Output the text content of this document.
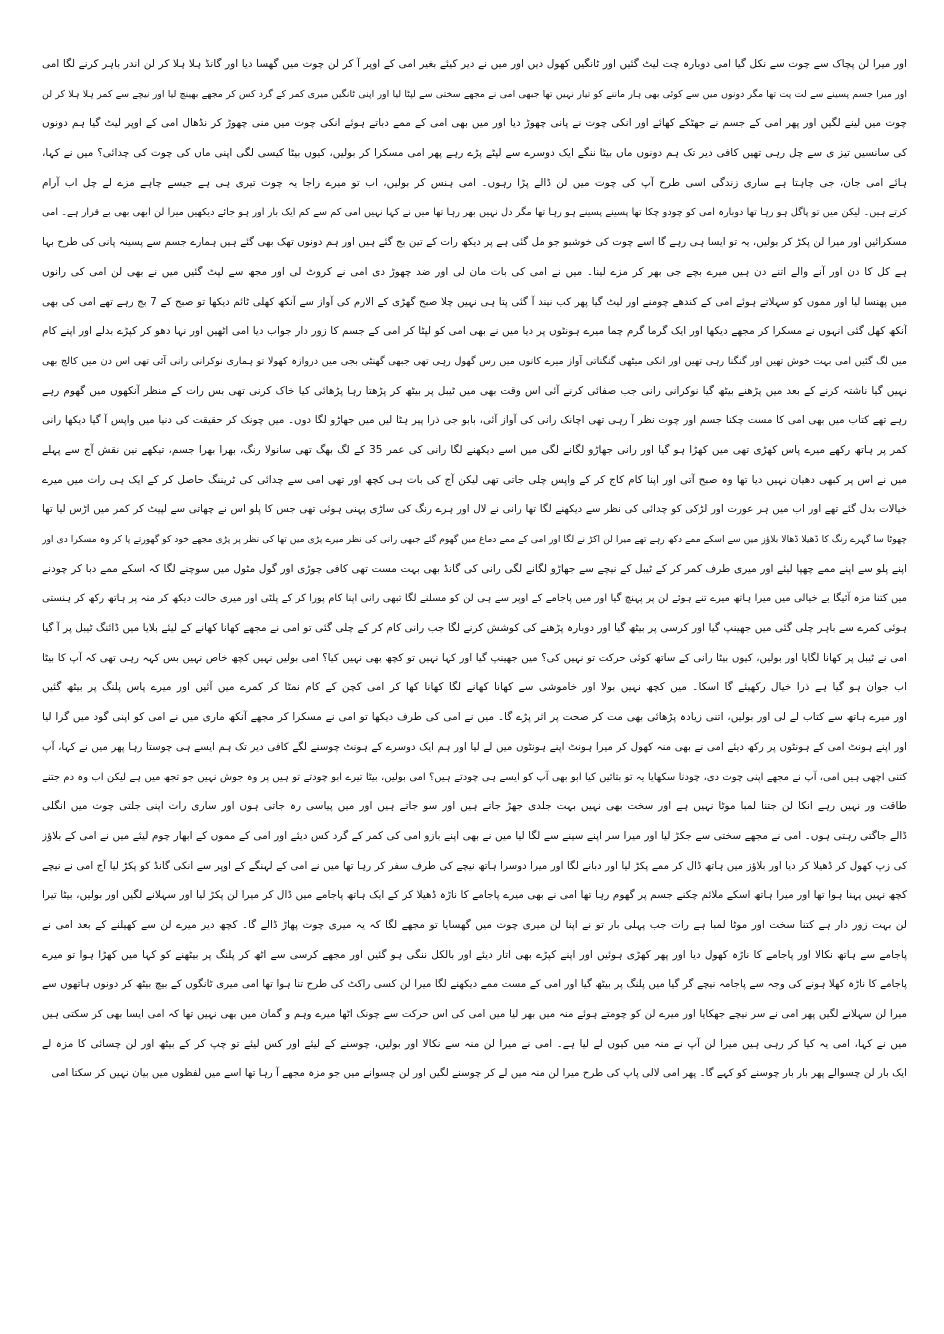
اور میرا لن پچاک سے چوت سے نکل گیا امی دوبارہ چت لیٹ گئیں اور ٹانگیں کھول دیں اور میں نے دیر کیئے بغیر امی کے اوپر آ کر لن چوت میں گھسا دیا اور گانڈ ہلا ہلا کر لن اندر باہر کرنے لگا امی
اور میرا جسم پسینے سے لت پت تھا مگر دونوں میں سے کوئی بھی ہار ماننے کو تیار نہیں تھا جبھی امی نے مجھے سختی سے لپٹا لیا اور اپنی ٹانگیں میری کمر کے گرد کس کر مجھے بھینچ لیا اور نیچے سے کمر ہلا ہلا کر لن
چوت میں لینے لگیں اور پھر امی کے جسم نے جھٹکے کھائے اور انکی چوت نے پانی چھوڑ دیا اور میں بھی امی کے ممے دباتے ہوئے انکی چوت میں منی چھوڑ کر نڈھال امی کے اوپر لیٹ گیا ہم دونوں
کی سانسیں تیز ی سے چل رہی تھیں کافی دیر تک ہم دونوں ماں بیٹا ننگے ایک دوسرے سے لپٹے پڑے رہے پھر امی مسکرا کر بولیں، کیوں بیٹا کیسی لگی اپنی ماں کی چوت کی چدائی؟ میں نے کہا،
ہائے امی جان، جی چاہتا ہے ساری زندگی اسی طرح آپ کی چوت میں لن ڈالے پڑا رہوں۔ امی ہنس کر بولیں، اب تو میرے راجا یہ چوت تیری ہی ہے جیسے چاہے مزے لے چل اب آرام
کرتے ہیں۔ لیکن میں تو پاگل ہو رہا تھا دوبارہ امی کو چودو چکا تھا پسینے پسینے ہو رہا تھا مگر دل نہیں بھر رہا تھا میں نے کہا نہیں امی کم سے کم ایک بار اور ہو جائے دیکھیں میرا لن ابھی بھی بے قرار ہے۔ امی
مسکرائیں اور میرا لن پکڑ کر بولیں، یہ تو ایسا ہی رہے گا اسے چوت کی خوشبو جو مل گئی ہے پر دیکھ رات کے تین بج گئے ہیں اور ہم دونوں تھک بھی گئے ہیں ہمارے جسم سے پسینہ پانی کی طرح بہا
ہے کل کا دن اور آنے والے اتنے دن ہیں میرے بچے جی بھر کر مزے لینا۔ میں نے امی کی بات مان لی اور ضد چھوڑ دی امی نے کروٹ لی اور مجھ سے لپٹ گئیں میں نے بھی لن امی کی رانوں
میں پھنسا لیا اور مموں کو سہلاتے ہوئے امی کے کندھے چومنے اور لیٹ گیا پھر کب نیند آ گئی پتا ہی نہیں چلا صبح گھڑی کے الارم کی آواز سے آنکھ کھلی ٹائم دیکھا تو صبح کے 7 بج رہے تھے امی کی بھی
آنکھ کھل گئی انہوں نے مسکرا کر مجھے دیکھا اور ایک گرما گرم چما میرے ہونٹوں پر دیا میں نے بھی امی کو لپٹا کر امی کے جسم کا زور دار جواب دیا امی اٹھیں اور نہا دھو کر کپڑے بدلے اور اپنے کام
میں لگ گئیں امی بہت خوش تھیں اور گنگنا رہی تھیں اور انکی میٹھی گنگناتی آواز میرے کانوں میں رس گھول رہی تھی جبھی گھنٹی بجی میں دروازہ کھولا تو ہماری نوکرانی رانی آئی تھی اس دن میں کالج بھی
نہیں گیا ناشتہ کرنے کے بعد میں پڑھنے بیٹھ گیا نوکرانی رانی جب صفائی کرنے آئی اس وقت بھی میں ٹیبل پر بیٹھ کر پڑھتا رہا پڑھائی کیا خاک کرنی تھی بس رات کے منظر آنکھوں میں گھوم رہے
رہے تھے کتاب میں بھی امی کا مست چکنا جسم اور چوت نظر آ رہی تھی اچانک رانی کی آواز آئی، بابو جی ذرا پیر ہٹا لیں میں جھاڑو لگا دوں۔ میں چونک کر حقیقت کی دنیا میں واپس آ گیا دیکھا رانی
کمر پر ہاتھ رکھے میرے پاس کھڑی تھی میں کھڑا ہو گیا اور رانی جھاڑو لگانے لگی میں اسے دیکھنے لگا رانی کی عمر 35 کے لگ بھگ تھی سانولا رنگ، بھرا بھرا جسم، تیکھے نین نقش آج سے پہلے
میں نے اس پر کبھی دھیان نہیں دیا تھا وہ صبح آتی اور اپنا کام کاج کر کے واپس چلی جاتی تھی لیکن آج کی بات ہی کچھ اور تھی امی سے چدائی کی ٹریننگ حاصل کر کے ایک ہی رات میں میرے
خیالات بدل گئے تھے اور اب میں ہر عورت اور لڑکی کو چدائی کی نظر سے دیکھنے لگا تھا رانی نے لال اور ہرے رنگ کی ساڑی پہنی ہوئی تھی جس کا پلو اس نے چھاتی سے لپیٹ کر کمر میں اڑس لیا تھا
چھوٹا سا گہرے رنگ کا ڈھیلا ڈھالا بلاؤز میں سے اسکے ممے دکھ رہے تھے میرا لن اکڑ نے لگا اور امی کے ممے دماغ میں گھوم گئے جبھی رانی کی نظر میرے پڑی میں تھا کی نظر پر پڑی مجھے خود کو گھورتے پا کر وہ مسکرا دی اور
اپنے پلو سے اپنے ممے چھپا لیئے اور میری طرف کمر کر کے ٹیبل کے نیچے سے جھاڑو لگانے لگی رانی کی گانڈ بھی بہت مست تھی کافی چوڑی اور گول مٹول میں سوچنے لگا کہ اسکے ممے دبا کر چودنے
میں کتنا مزہ آئیگا بے خیالی میں میرا ہاتھ میرے تنے ہوئے لن پر پہنچ گیا اور میں پاجامے کے اوپر سے ہی لن کو مسلنے لگا تبھی رانی اپنا کام پورا کر کے پلٹی اور میری حالت دیکھ کر منہ پر ہاتھ رکھ کر ہنستی
ہوئی کمرے سے باہر چلی گئی میں جھینپ گیا اور کرسی پر بیٹھ گیا اور دوبارہ پڑھنے کی کوشش کرنے لگا جب رانی کام کر کے چلی گئی تو امی نے مجھے کھانا کھانے کے لیئے بلایا میں ڈائنگ ٹیبل پر آ گیا
امی نے ٹیبل پر کھانا لگایا اور بولیں، کیوں بیٹا رانی کے ساتھ کوئی حرکت تو نہیں کی؟ میں جھینپ گیا اور کہا نہیں تو کچھ بھی نہیں کیا؟ امی بولیں نہیں کچھ خاص نہیں بس کہہ رہی تھی کہ آپ کا بیٹا
اب جوان ہو گیا ہے ذرا خیال رکھیئے گا اسکا۔ میں کچھ نہیں بولا اور خاموشی سے کھانا کھانے لگا کھانا کھا کر امی کچن کے کام نمٹا کر کمرے میں آئیں اور میرے پاس پلنگ پر بیٹھ گئیں
اور میرے ہاتھ سے کتاب لے لی اور بولیں، اتنی زیادہ پڑھائی بھی مت کر صحت پر اثر پڑے گا۔ میں نے امی کی طرف دیکھا تو امی نے مسکرا کر مجھے آنکھ ماری میں نے امی کو اپنی گود میں گرا لیا
اور اپنے ہونٹ امی کے ہونٹوں پر رکھ دیئے امی نے بھی منہ کھول کر میرا ہونٹ اپنے ہونٹوں میں لے لیا اور ہم ایک دوسرے کے ہونٹ چوسنے لگے کافی دیر تک ہم ایسے ہی چوستا رہا پھر میں نے کہا، آپ
کتنی اچھی ہیں امی، آپ نے مجھے اپنی چوت دی، چودنا سکھایا یہ تو بتائیں کیا ابو بھی آپ کو ایسے ہی چودتے ہیں؟ امی بولیں، بیٹا تیرے ابو چودتے تو ہیں پر وہ جوش نہیں جو تجھ میں ہے لیکن اب وہ دم جتنے
طاقت ور نہیں رہے انکا لن جتنا لمبا موٹا نہیں ہے اور سخت بھی نہیں بہت جلدی جھڑ جاتے ہیں اور سو جاتے ہیں اور میں پیاسی رہ جاتی ہوں اور ساری رات اپنی جلتی چوت میں انگلی
ڈالے جاگتی رہتی ہوں۔ امی نے مجھے سختی سے جکڑ لیا اور میرا سر اپنے سینے سے لگا لیا میں نے بھی اپنے بازو امی کی کمر کے گرد کس دیئے اور امی کے مموں کے ابھار چوم لیئے میں نے امی کے بلاؤز
کی زپ کھول کر ڈھیلا کر دیا اور بلاؤز میں ہاتھ ڈال کر ممے پکڑ لیا اور دبانے لگا اور میرا دوسرا ہاتھ نیچے کی طرف سفر کر رہا تھا میں نے امی کے لہنگے کے اوپر سے انکی گانڈ کو پکڑ لیا آج امی نے نیچے
کچھ نہیں پہنا ہوا تھا اور میرا ہاتھ اسکے ملائم چکنے جسم پر گھوم رہا تھا امی نے بھی میرے پاجامے کا ناڑہ ڈھیلا کر کے ایک ہاتھ پاجامے میں ڈال کر میرا لن پکڑ لیا اور سہلانے لگیں اور بولیں، بیٹا تیرا
لن بہت زور دار ہے کتنا سخت اور موٹا لمبا ہے رات جب پہلی بار تو نے اپنا لن میری چوت میں گھسایا تو مجھے لگا کہ یہ میری چوت پھاڑ ڈالے گا۔ کچھ دیر میرے لن سے کھیلنے کے بعد امی نے
پاجامے سے ہاتھ نکالا اور پاجامے کا ناڑہ کھول دیا اور پھر کھڑی ہوئیں اور اپنے کپڑے بھی اتار دیئے اور بالکل ننگی ہو گئیں اور مجھے کرسی سے اٹھ کر پلنگ پر بیٹھنے کو کہا میں کھڑا ہوا تو میرے
پاجامے کا ناڑہ کھلا ہونے کی وجہ سے پاجامہ نیچے گر گیا میں پلنگ پر بیٹھ گیا اور امی کے مست ممے دیکھنے لگا میرا لن کسی راکٹ کی طرح تنا ہوا تھا امی میری ٹانگوں کے بیچ بیٹھ کر دونوں ہاتھوں سے
میرا لن سہلانے لگیں پھر امی نے سر نیچے جھکایا اور میرے لن کو چومتے ہوئے منہ میں بھر لیا میں امی کی اس حرکت سے چونک اٹھا میرے وہم و گمان میں بھی نہیں تھا کہ امی ایسا بھی کر سکتی ہیں
میں نے کہا، امی یہ کیا کر رہی ہیں میرا لن آپ نے منہ میں کیوں لے لیا ہے۔ امی نے میرا لن منہ سے نکالا اور بولیں، چوسنے کے لیئے اور کس لیئے تو چپ کر کے بیٹھ اور لن چسائی کا مزہ لے
ایک بار لن چسوالے پھر بار بار چوسنے کو کہے گا۔ پھر امی لالی پاپ کی طرح میرا لن منہ میں لے کر چوسنے لگیں اور لن چسوانے میں جو مزہ مجھے آ رہا تھا اسے میں لفظوں میں بیان نہیں کر سکتا امی
